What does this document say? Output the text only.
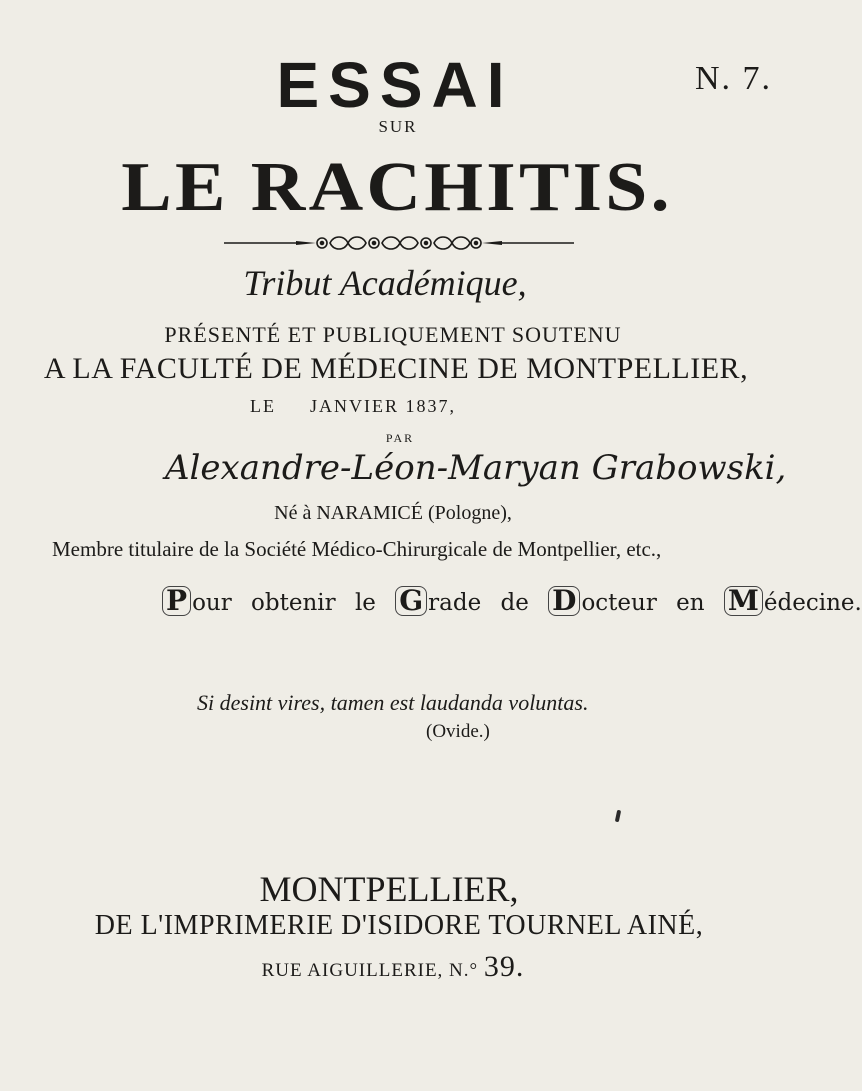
ESSAI	N. 7.
SUR
LE RACHITIS.
Tribut Académique,
PRÉSENTÉ ET PUBLIQUEMENT SOUTENU
A LA FACULTÉ DE MÉDECINE DE MONTPELLIER,
LE JANVIER 1837,
PAR
Alexandre-Léon-Maryan Grabowski,
Né à NARAMICÉ (Pologne),
Membre titulaire de la Société Médico-Chirurgicale de Montpellier, etc.,
P our obtenir le G rade de D octeur en M édecine.
Si desint vires, tamen est laudanda voluntas.
(Ovide.)
MONTPELLIER,
DE L'IMPRIMERIE D'ISIDORE TOURNEL AINÉ,
RUE AIGUILLERIE, N.° 39.
